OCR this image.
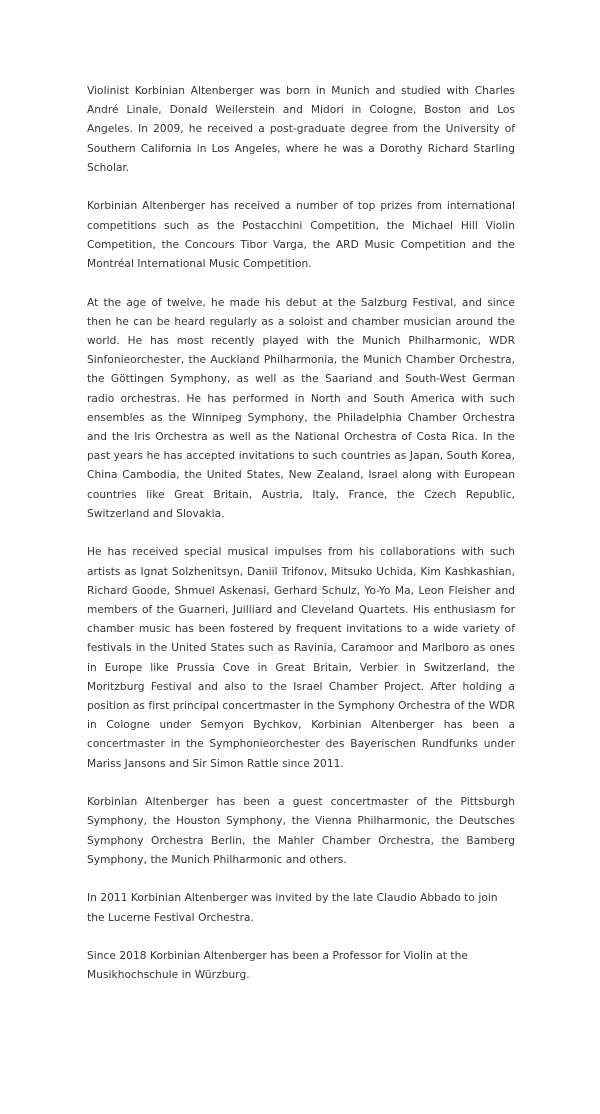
Violinist Korbinian Altenberger was born in Munich and studied with Charles André Linale, Donald Weilerstein and Midori in Cologne, Boston and Los Angeles. In 2009, he received a post-graduate degree from the University of Southern California in Los Angeles, where he was a Dorothy Richard Starling Scholar.

Korbinian Altenberger has received a number of top prizes from international competitions such as the Postacchini Competition, the Michael Hill Violin Competition, the Concours Tibor Varga, the ARD Music Competition and the Montréal International Music Competition.

At the age of twelve, he made his debut at the Salzburg Festival, and since then he can be heard regularly as a soloist and chamber musician around the world. He has most recently played with the Munich Philharmonic, WDR Sinfonieorchester, the Auckland Philharmonia, the Munich Chamber Orchestra, the Göttingen Symphony, as well as the Saariand and South-West German radio orchestras. He has performed in North and South America with such ensembles as the Winnipeg Symphony, the Philadelphia Chamber Orchestra and the Iris Orchestra as well as the National Orchestra of Costa Rica. In the past years he has accepted invitations to such countries as Japan, South Korea, China Cambodia, the United States, New Zealand, Israel along with European countries like Great Britain, Austria, Italy, France, the Czech Republic, Switzerland and Slovakia.

He has received special musical impulses from his collaborations with such artists as Ignat Solzhenitsyn, Daniil Trifonov, Mitsuko Uchida, Kim Kashkashian, Richard Goode, Shmuel Askenasi, Gerhard Schulz, Yo-Yo Ma, Leon Fleisher and members of the Guarneri, Juilliard and Cleveland Quartets. His enthusiasm for chamber music has been fostered by frequent invitations to a wide variety of festivals in the United States such as Ravinia, Caramoor and Marlboro as ones in Europe like Prussia Cove in Great Britain, Verbier in Switzerland, the Moritzburg Festival and also to the Israel Chamber Project. After holding a position as first principal concertmaster in the Symphony Orchestra of the WDR in Cologne under Semyon Bychkov, Korbinian Altenberger has been a concertmaster in the Symphonieorchester des Bayerischen Rundfunks under Mariss Jansons and Sir Simon Rattle since 2011.

Korbinian Altenberger has been a guest concertmaster of the Pittsburgh Symphony, the Houston Symphony, the Vienna Philharmonic, the Deutsches Symphony Orchestra Berlin, the Mahler Chamber Orchestra, the Bamberg Symphony, the Munich Philharmonic and others.

In 2011 Korbinian Altenberger was invited by the late Claudio Abbado to join the Lucerne Festival Orchestra.

Since 2018 Korbinian Altenberger has been a Professor for Violin at the Musikhochschule in Würzburg.
